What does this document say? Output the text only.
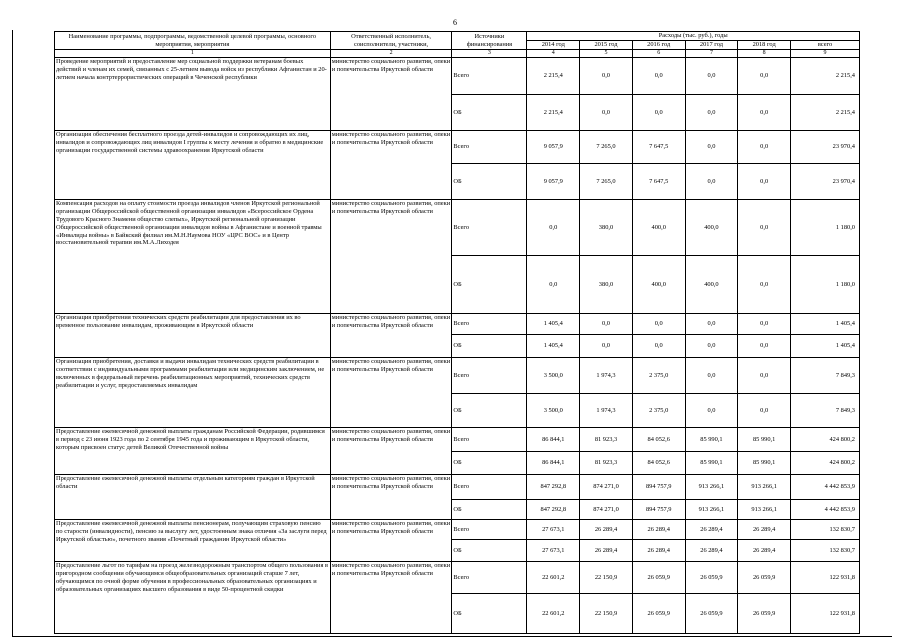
6
Наименование программы, подпрограммы, ведомственной целевой программы, основного мероприятия, мероприятия	Ответственный исполнитель, соисполнители, участники,	Источники финансирования	Расходы (тыс. руб.), годы					
			2014 год	2015 год	2016 год	2017 год	2018 год	всего
1	2	3	4	5	6	7	8	9
Проведение мероприятий и предоставление мер социальной поддержки ветеранам боевых действий и членам их семей, связанных с 25-летием вывода войск из республики Афганистан и 20-летием начала контртеррористических операций в Чеченской республики	министерство социального развития, опеки и попечительства Иркутской области	Всего	2 215,4	0,0	0,0	0,0	0,0	2 215,4
		ОБ	2 215,4	0,0	0,0	0,0	0,0	2 215,4
Организация обеспечения бесплатного проезда детей-инвалидов и сопровождающих их лиц, инвалидов и сопровождающих лиц инвалидов I группы к месту лечения и обратно в медицинские организации государственной системы здравоохранения Иркутской области	министерство социального развития, опеки и попечительства Иркутской области	Всего	9 057,9	7 265,0	7 647,5	0,0	0,0	23 970,4
		ОБ	9 057,9	7 265,0	7 647,5	0,0	0,0	23 970,4
Компенсация расходов на оплату стоимости проезда инвалидов членов Иркутской региональной организации Общероссийской общественной организации инвалидов «Всероссийское Ордена Трудового Красного Знамени общество слепых», Иркутской региональной организации Общероссийской общественной организации инвалидов войны в Афганистане и военной травмы «Инвалиды войны» в Байкский филиал им.М.Н.Наумова НОУ «ЦРС ВОС» и в Центр восстановительной терапии им.М.А.Лиходея	министерство социального развития, опеки и попечительства Иркутской области	Всего	0,0	380,0	400,0	400,0	0,0	1 180,0
		ОБ	0,0	380,0	400,0	400,0	0,0	1 180,0
Организация приобретения технических средств реабилитации для предоставления их во временное пользование инвалидам, проживающим в Иркутской области	министерство социального развития, опеки и попечительства Иркутской области	Всего	1 405,4	0,0	0,0	0,0	0,0	1 405,4
		ОБ	1 405,4	0,0	0,0	0,0	0,0	1 405,4
Организация приобретения, доставки и выдачи инвалидам технических средств реабилитации в соответствии с индивидуальными программами реабилитации или медицинским заключением, не включенных в федеральный перечень реабилитационных мероприятий, технических средств реабилитации и услуг, предоставляемых инвалидам	министерство социального развития, опеки и попечительства Иркутской области	Всего	3 500,0	1 974,3	2 375,0	0,0	0,0	7 849,3
		ОБ	3 500,0	1 974,3	2 375,0	0,0	0,0	7 849,3
Предоставление ежемесячной денежной выплаты гражданам Российской Федерации, родившимся в период с 23 июня 1923 года по 2 сентября 1945 года и проживающим в Иркутской области, которым присвоен статус детей Великой Отечественной войны	министерство социального развития, опеки и попечительства Иркутской области	Всего	86 844,1	81 923,3	84 052,6	85 990,1	85 990,1	424 800,2
		ОБ	86 844,1	81 923,3	84 052,6	85 990,1	85 990,1	424 800,2
Предоставление ежемесячной денежной выплаты отдельным категориям граждан в Иркутской области	министерство социального развития, опеки и попечительства Иркутской области	Всего	847 292,8	874 271,0	894 757,9	913 266,1	913 266,1	4 442 853,9
		ОБ	847 292,8	874 271,0	894 757,9	913 266,1	913 266,1	4 442 853,9
Предоставление ежемесячной денежной выплаты пенсионерам, получающим страховую пенсию по старости (инвалидности), пенсию за выслугу лет, удостоенным знака отличия «За заслуги перед Иркутской областью», почетного звания «Почетный гражданин Иркутской области»	министерство социального развития, опеки и попечительства Иркутской области	Всего	27 673,1	26 289,4	26 289,4	26 289,4	26 289,4	132 830,7
		ОБ	27 673,1	26 289,4	26 289,4	26 289,4	26 289,4	132 830,7
Предоставление льгот по тарифам на проезд железнодорожным транспортом общего пользования в пригородном сообщении обучающимся общеобразовательных организаций старше 7 лет, обучающимся по очной форме обучения в профессиональных образовательных организациях и образовательных организациях высшего образования в виде 50-процентной скидки	министерство социального развития, опеки и попечительства Иркутской области	Всего	22 601,2	22 150,9	26 059,9	26 059,9	26 059,9	122 931,8
		ОБ	22 601,2	22 150,9	26 059,9	26 059,9	26 059,9	122 931,8
